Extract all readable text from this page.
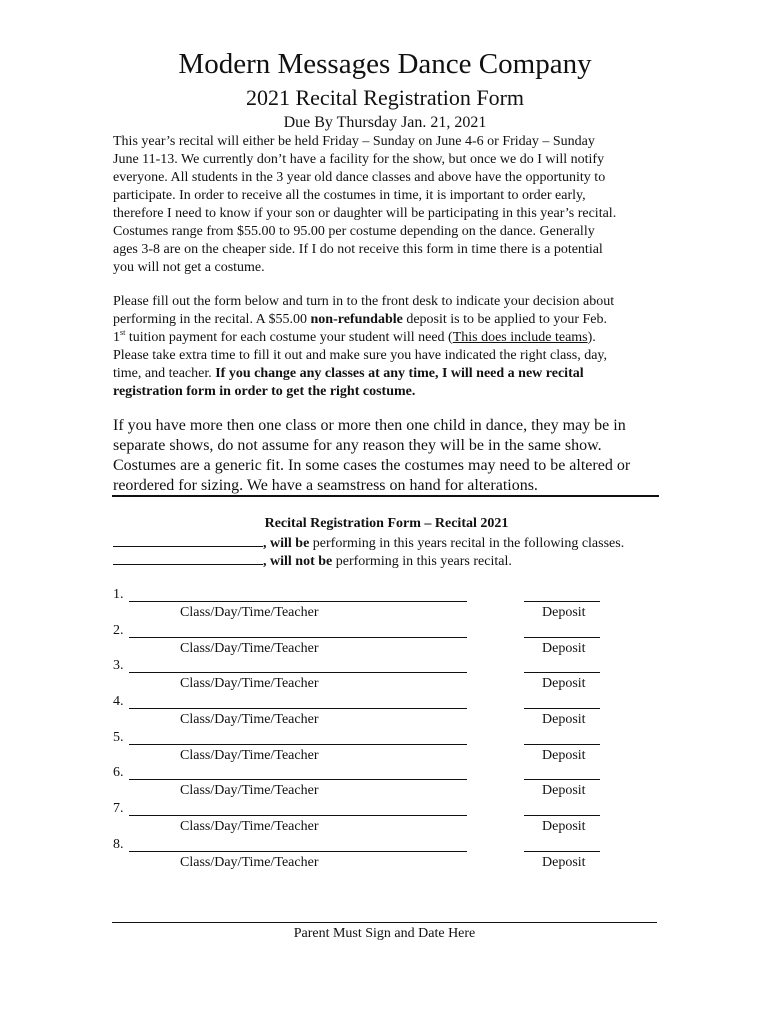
Modern Messages Dance Company
2021 Recital Registration Form
Due By Thursday Jan. 21, 2021
This year’s recital will either be held Friday – Sunday on June 4-6 or Friday – Sunday
June 11-13. We currently don’t have a facility for the show, but once we do I will notify
everyone. All students in the 3 year old dance classes and above have the opportunity to
participate. In order to receive all the costumes in time, it is important to order early,
therefore I need to know if your son or daughter will be participating in this year’s recital.
Costumes range from $55.00 to 95.00 per costume depending on the dance. Generally
ages 3-8 are on the cheaper side. If I do not receive this form in time there is a potential
you will not get a costume.
Please fill out the form below and turn in to the front desk to indicate your decision about
performing in the recital. A $55.00 non-refundable deposit is to be applied to your Feb.
1st tuition payment for each costume your student will need (This does include teams).
Please take extra time to fill it out and make sure you have indicated the right class, day,
time, and teacher. If you change any classes at any time, I will need a new recital
registration form in order to get the right costume.
If you have more then one class or more then one child in dance, they may be in
separate shows, do not assume for any reason they will be in the same show.
Costumes are a generic fit. In some cases the costumes may need to be altered or
reordered for sizing. We have a seamstress on hand for alterations.
Recital Registration Form – Recital 2021
, will be performing in this years recital in the following classes.
, will not be performing in this years recital.
1.
Class/Day/Time/Teacher	Deposit
2.
Class/Day/Time/Teacher	Deposit
3.
Class/Day/Time/Teacher	Deposit
4.
Class/Day/Time/Teacher	Deposit
5.
Class/Day/Time/Teacher	Deposit
6.
Class/Day/Time/Teacher	Deposit
7.
Class/Day/Time/Teacher	Deposit
8.
Class/Day/Time/Teacher	Deposit
Parent Must Sign and Date Here
